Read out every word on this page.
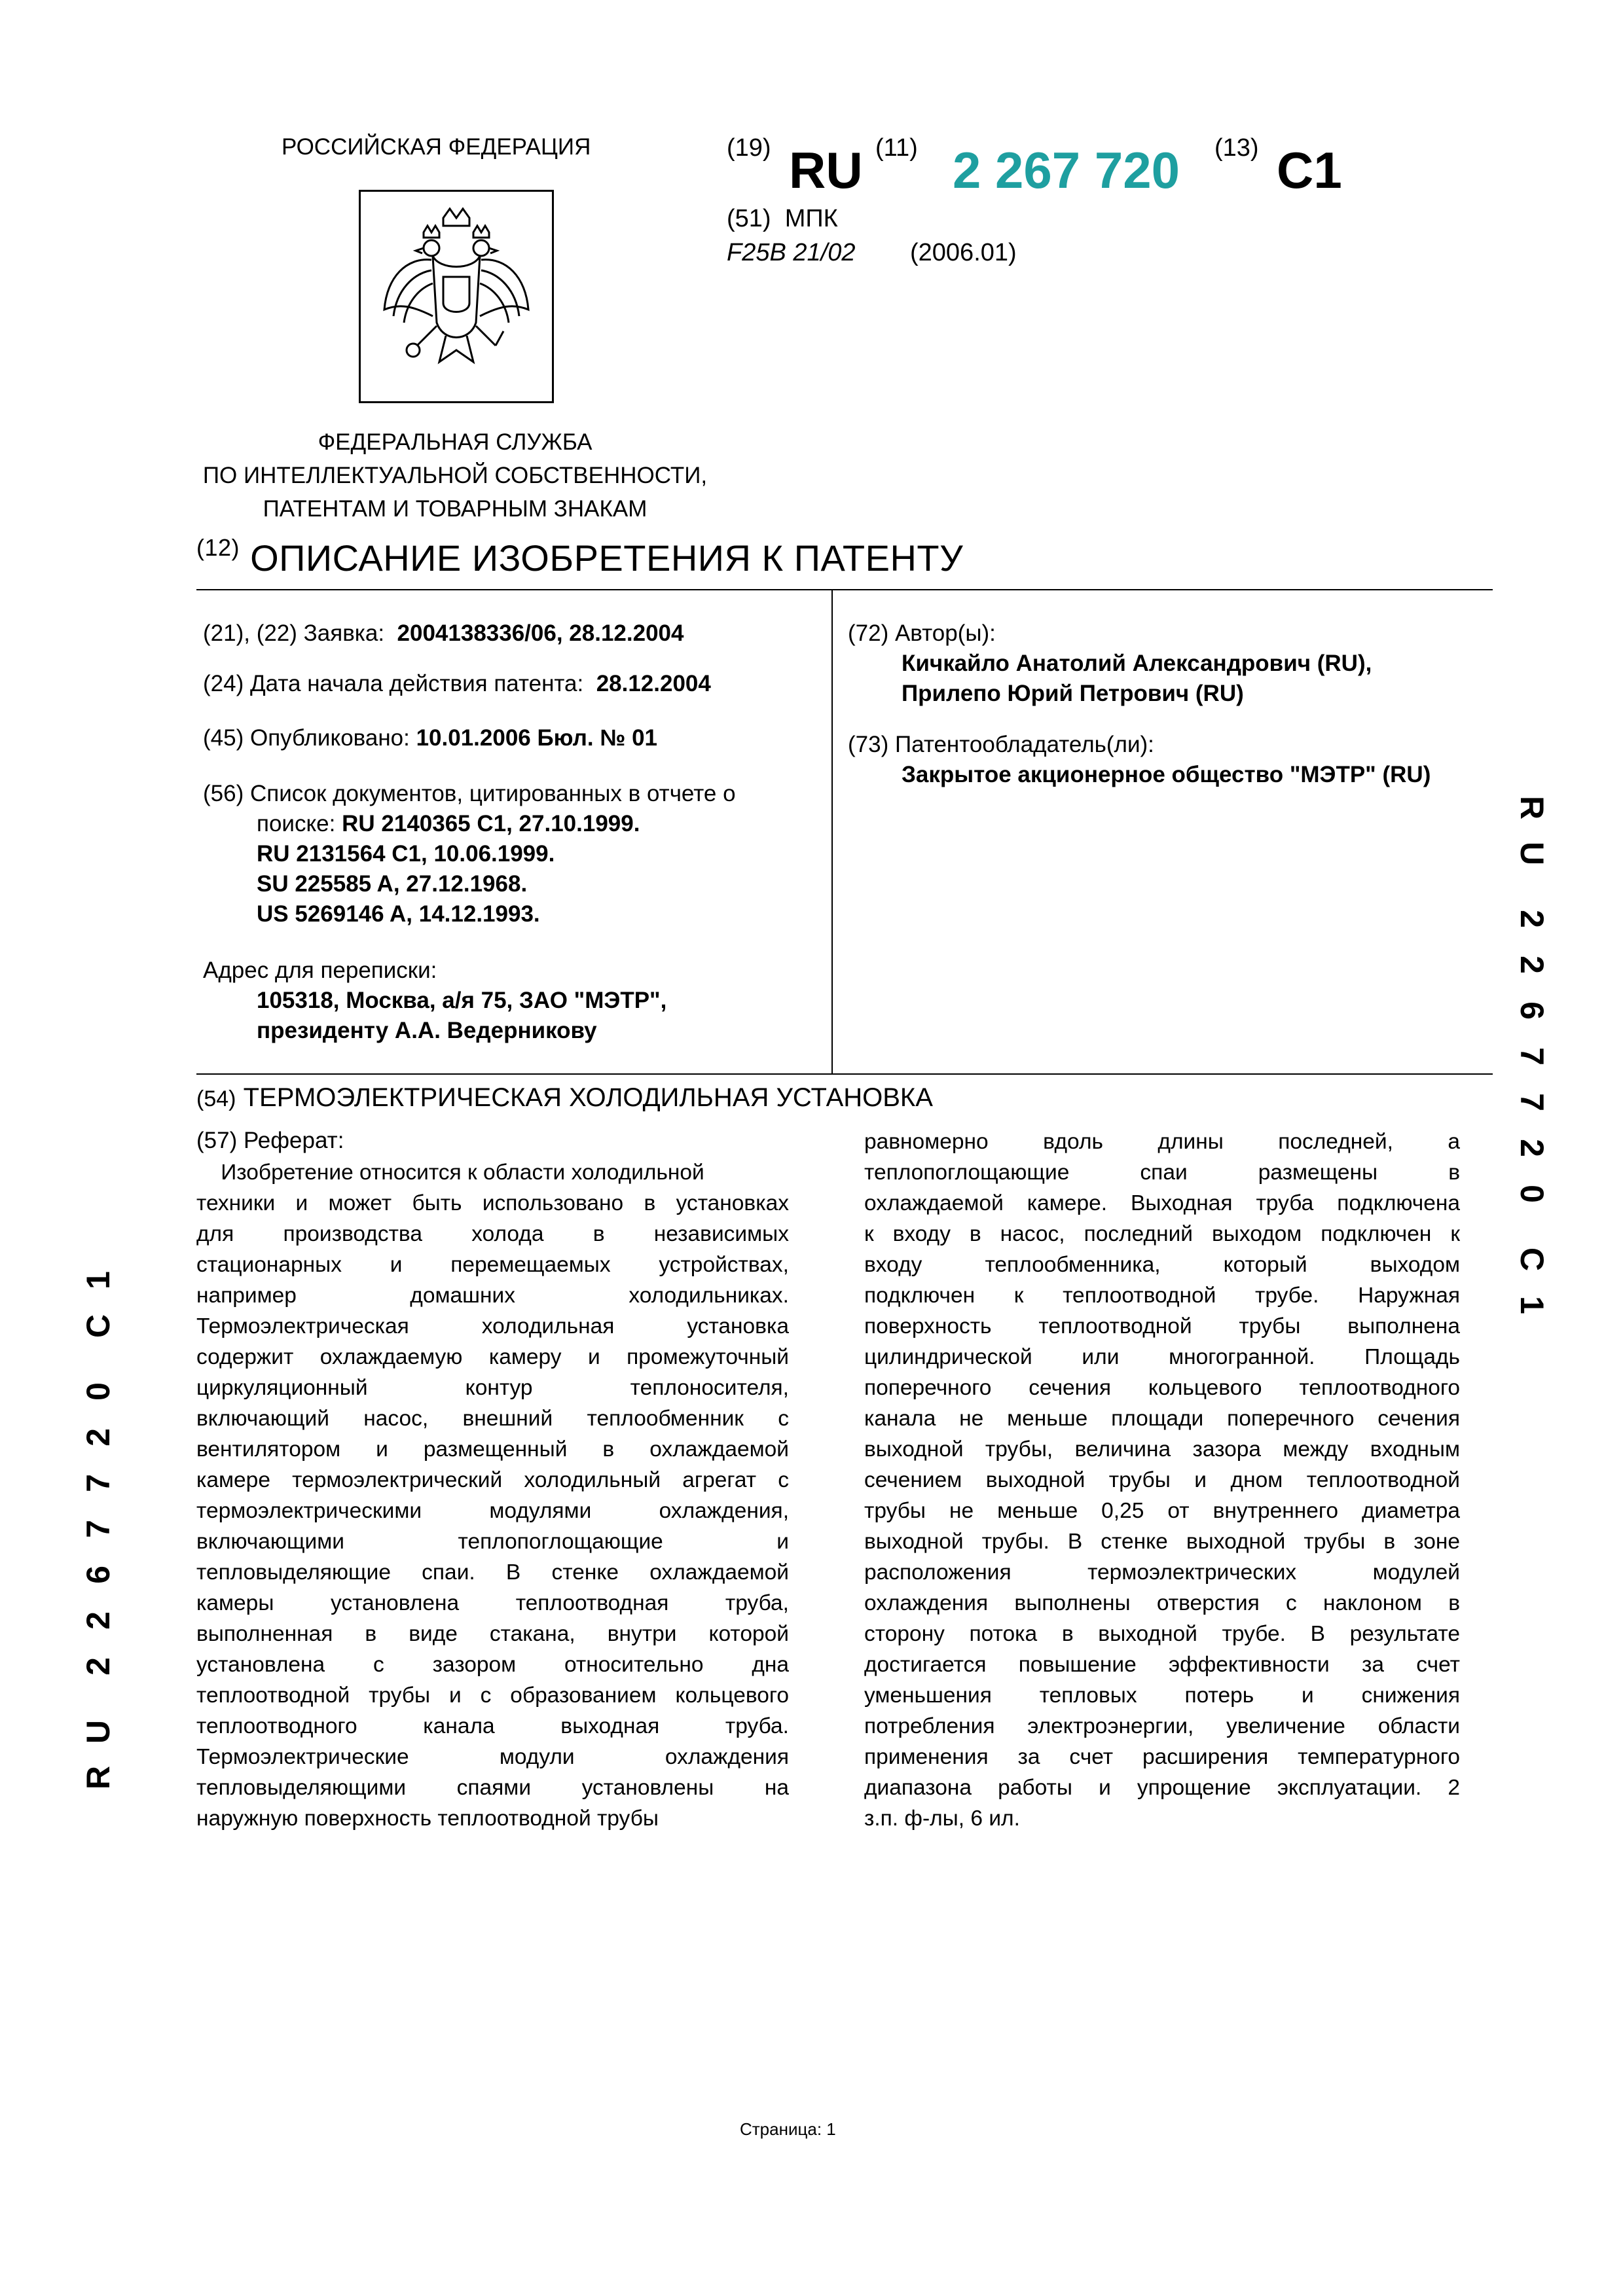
РОССИЙСКАЯ ФЕДЕРАЦИЯ	(19) RU (11) 2 267 720 (13) C1
(51) МПК
F25B 21/02 (2006.01)
ФЕДЕРАЛЬНАЯ СЛУЖБА
ПО ИНТЕЛЛЕКТУАЛЬНОЙ СОБСТВЕННОСТИ,
ПАТЕНТАМ И ТОВАРНЫМ ЗНАКАМ
$^{(12)}$ ОПИСАНИЕ ИЗОБРЕТЕНИЯ К ПАТЕНТУ
(21), (22) Заявка: 2004138336/06, 28.12.2004
(24) Дата начала действия патента: 28.12.2004
(45) Опубликовано: 10.01.2006 Бюл. № 01
(56) Список документов, цитированных в отчете о
поиске: RU 2140365 C1, 27.10.1999.
RU 2131564 C1, 10.06.1999.
SU 225585 A, 27.12.1968.
US 5269146 A, 14.12.1993.
Адрес для переписки:
105318, Москва, а/я 75, ЗАО "МЭТР",
президенту А.А. Ведерникову
(72) Автор(ы):
Кичкайло Анатолий Александрович (RU),
Прилепо Юрий Петрович (RU)
(73) Патентообладатель(ли):
Закрытое акционерное общество "МЭТР" (RU)
(54) ТЕРМОЭЛЕКТРИЧЕСКАЯ ХОЛОДИЛЬНАЯ УСТАНОВКА
(57) Реферат:
Изобретение относится к области холодильной
техники и может быть использовано в установках
для производства холода в независимых
стационарных и перемещаемых устройствах,
например домашних холодильниках.
Термоэлектрическая холодильная установка
содержит охлаждаемую камеру и промежуточный
циркуляционный контур теплоносителя,
включающий насос, внешний теплообменник с
вентилятором и размещенный в охлаждаемой
камере термоэлектрический холодильный агрегат с
термоэлектрическими модулями охлаждения,
включающими теплопоглощающие и
тепловыделяющие спаи. В стенке охлаждаемой
камеры установлена теплоотводная труба,
выполненная в виде стакана, внутри которой
установлена с зазором относительно дна
теплоотводной трубы и с образованием кольцевого
теплоотводного канала выходная труба.
Термоэлектрические модули охлаждения
тепловыделяющими спаями установлены на
наружную поверхность теплоотводной трубы
равномерно вдоль длины последней, а
теплопоглощающие спаи размещены в
охлаждаемой камере. Выходная труба подключена
к входу в насос, последний выходом подключен к
входу теплообменника, который выходом
подключен к теплоотводной трубе. Наружная
поверхность теплоотводной трубы выполнена
цилиндрической или многогранной. Площадь
поперечного сечения кольцевого теплоотводного
канала не меньше площади поперечного сечения
выходной трубы, величина зазора между входным
сечением выходной трубы и дном теплоотводной
трубы не меньше 0,25 от внутреннего диаметра
выходной трубы. В стенке выходной трубы в зоне
расположения термоэлектрических модулей
охлаждения выполнены отверстия с наклоном в
сторону потока в выходной трубе. В результате
достигается повышение эффективности за счет
уменьшения тепловых потерь и снижения
потребления электроэнергии, увеличение области
применения за счет расширения температурного
диапазона работы и упрощение эксплуатации. 2
з.п. ф-лы, 6 ил.
R
U

2
2
6
7
7
2
0

C
1
1
C

0
2
7
7
6
2
2

U
R
Страница: 1
